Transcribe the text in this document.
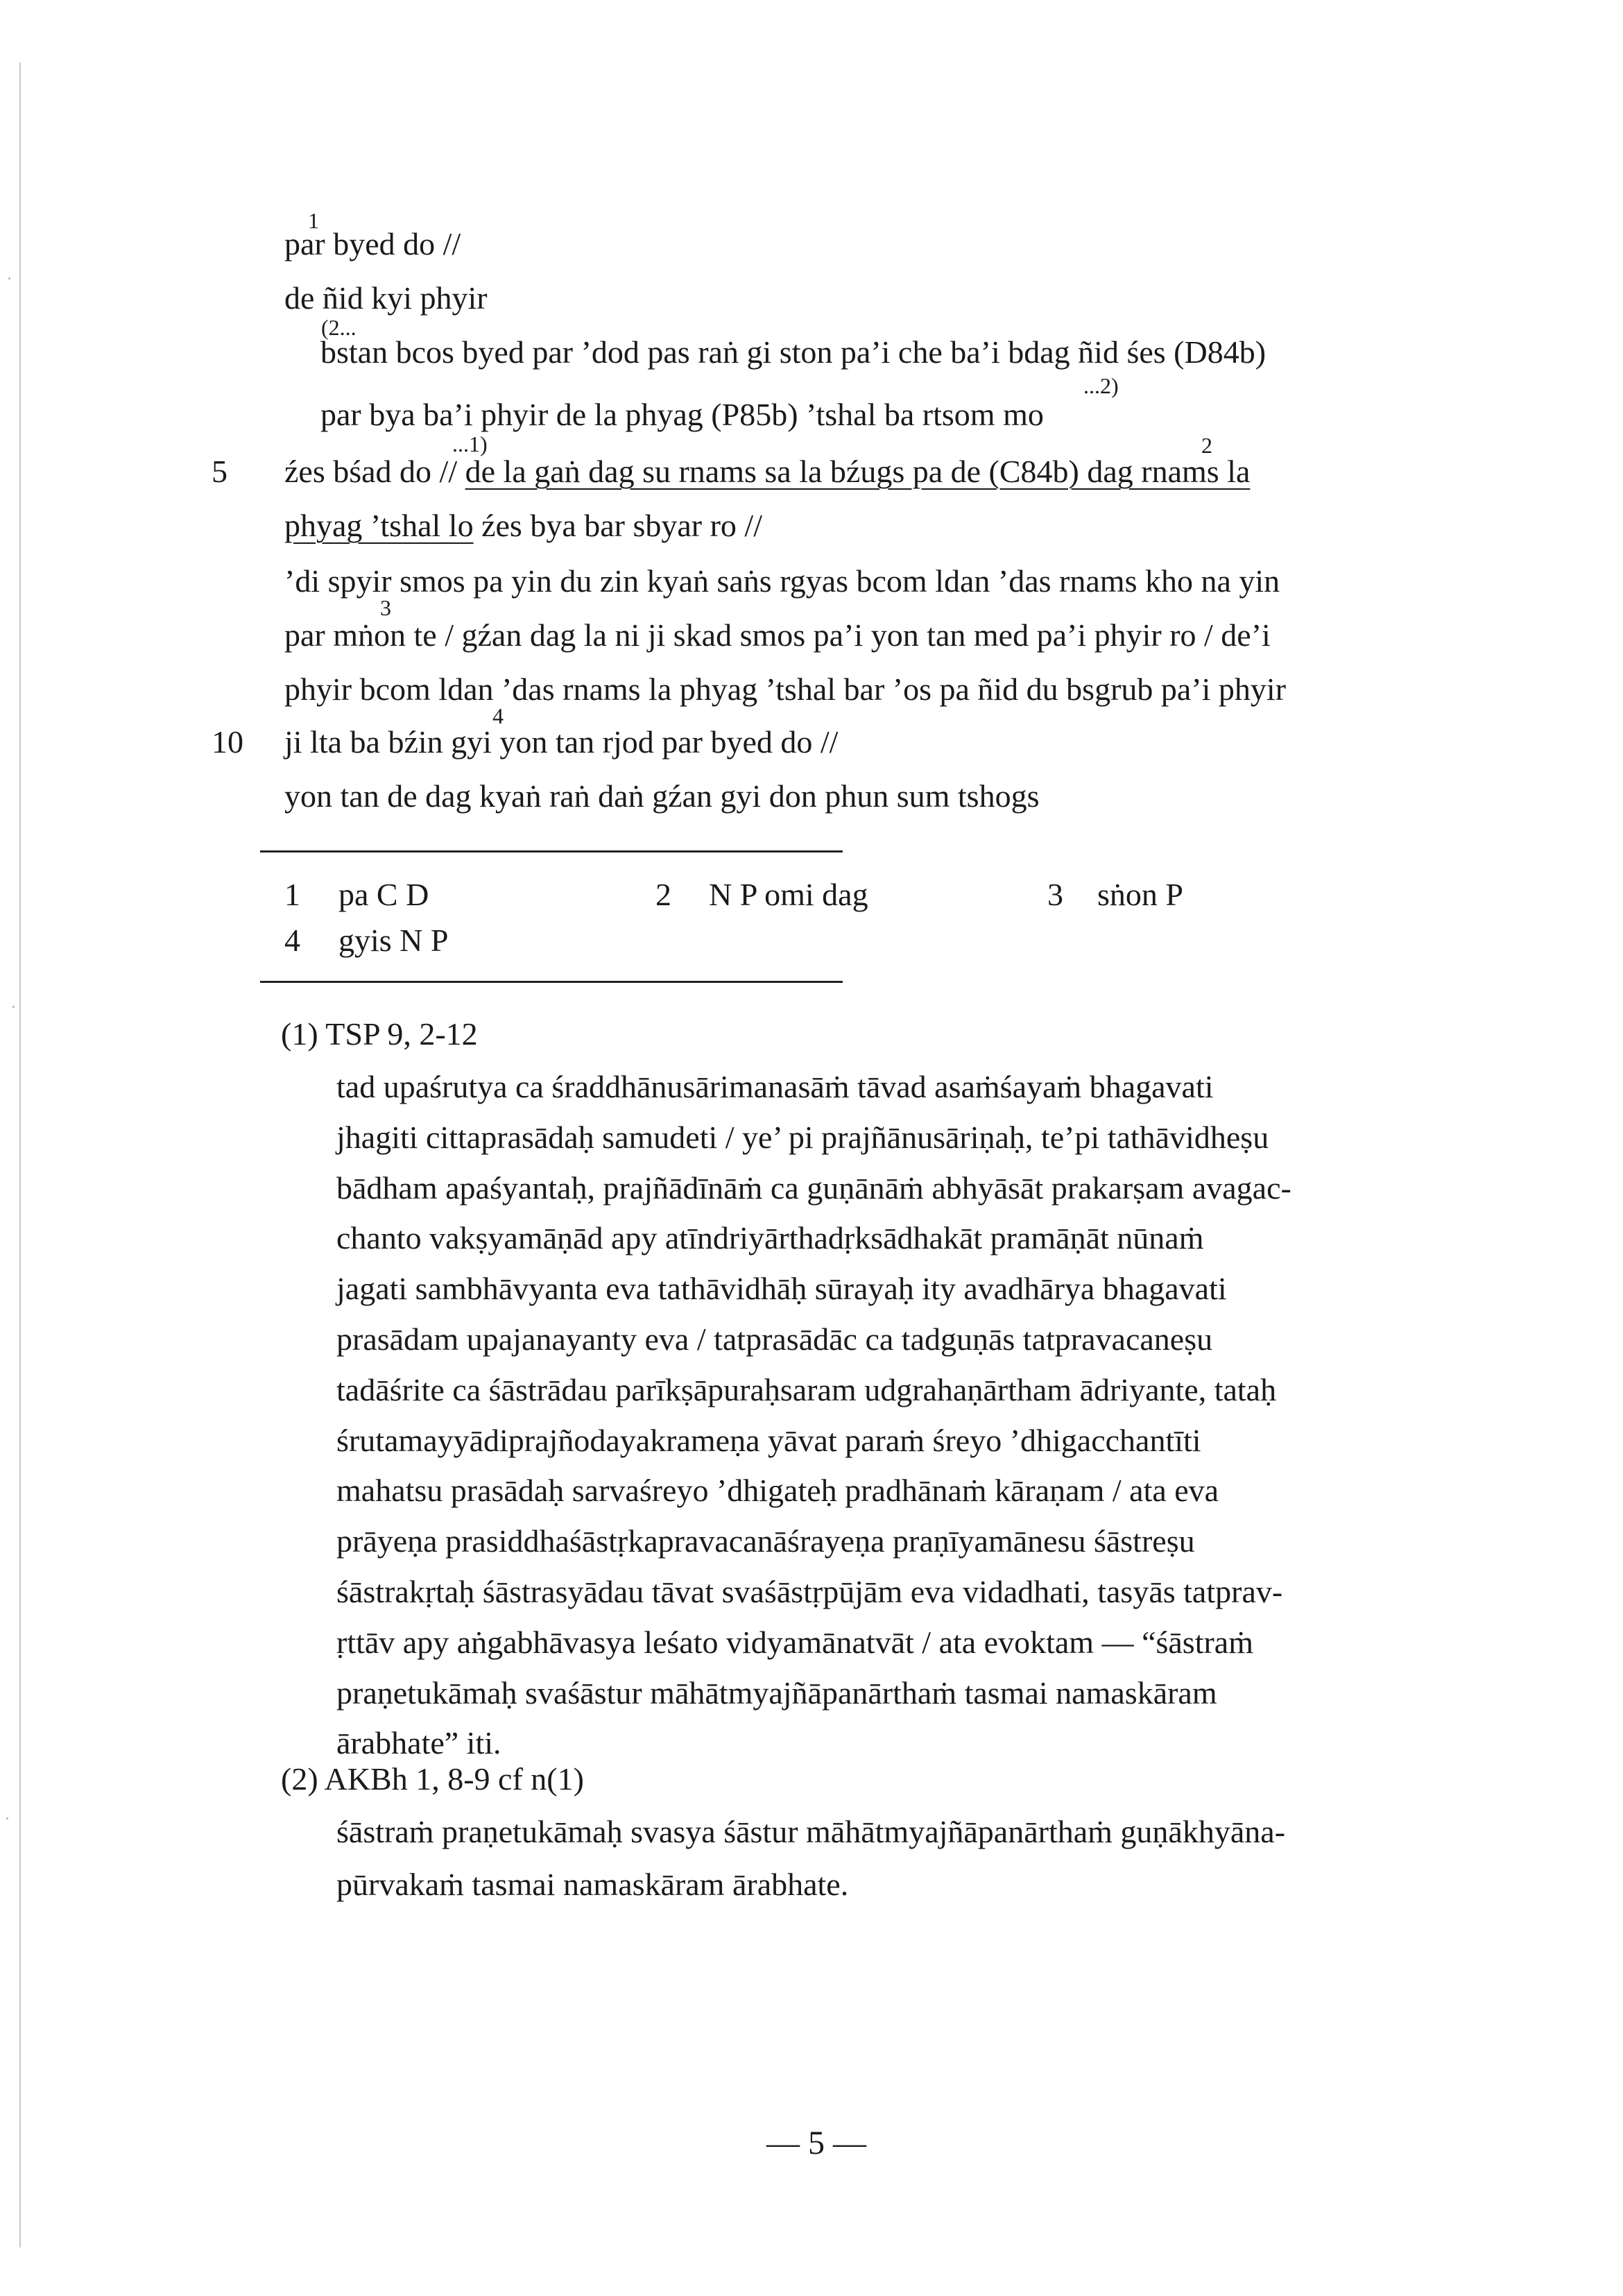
1
(2...
...2)
...1)	2
3
4
5
10
par byed do //
de ñid kyi phyir
bstan bcos byed par ’dod pas raṅ gi ston pa’i che ba’i bdag ñid śes (D84b)
par bya ba’i phyir de la phyag (P85b) ’tshal ba rtsom mo
źes bśad do // de la gaṅ dag su rnams sa la bźugs pa de (C84b) dag rnams la
phyag ’tshal lo źes bya bar sbyar ro //
’di spyir smos pa yin du zin kyaṅ saṅs rgyas bcom ldan ’das rnams kho na yin
par mṅon te / gźan dag la ni ji skad smos pa’i yon tan med pa’i phyir ro / de’i
phyir bcom ldan ’das rnams la phyag ’tshal bar ’os pa ñid du bsgrub pa’i phyir
ji lta ba bźin gyi yon tan rjod par byed do //
yon tan de dag kyaṅ raṅ daṅ gźan gyi don phun sum tshogs
1 pa C D	2 N P omi dag	3 sṅon P
4 gyis N P
(1) TSP 9, 2-12
tad upaśrutya ca śraddhānusārimanasāṁ tāvad asaṁśayaṁ bhagavati
jhagiti cittaprasādaḥ samudeti / ye’ pi prajñānusāriṇaḥ, te’pi tathāvidheṣu
bādham apaśyantaḥ, prajñādīnāṁ ca guṇānāṁ abhyāsāt prakarṣam avagac-
chanto vakṣyamāṇād apy atīndriyārthadṛksādhakāt pramāṇāt nūnaṁ
jagati sambhāvyanta eva tathāvidhāḥ sūrayaḥ ity avadhārya bhagavati
prasādam upajanayanty eva / tatprasādāc ca tadguṇās tatpravacaneṣu
tadāśrite ca śāstrādau parīkṣāpuraḥsaram udgrahaṇārtham ādriyante, tataḥ
śrutamayyādiprajñodayakrameṇa yāvat paraṁ śreyo ’dhigacchantīti
mahatsu prasādaḥ sarvaśreyo ’dhigateḥ pradhānaṁ kāraṇam / ata eva
prāyeṇa prasiddhaśāstṛkapravacanāśrayeṇa praṇīyamānesu śāstreṣu
śāstrakṛtaḥ śāstrasyādau tāvat svaśāstṛpūjām eva vidadhati, tasyās tatprav-
ṛttāv apy aṅgabhāvasya leśato vidyamānatvāt / ata evoktam — “śāstraṁ
praṇetukāmaḥ svaśāstur māhātmyajñāpanārthaṁ tasmai namaskāram
ārabhate” iti.
(2) AKBh 1, 8-9 cf n(1)
śāstraṁ praṇetukāmaḥ svasya śāstur māhātmyajñāpanārthaṁ guṇākhyāna-
pūrvakaṁ tasmai namaskāram ārabhate.
— 5 —
